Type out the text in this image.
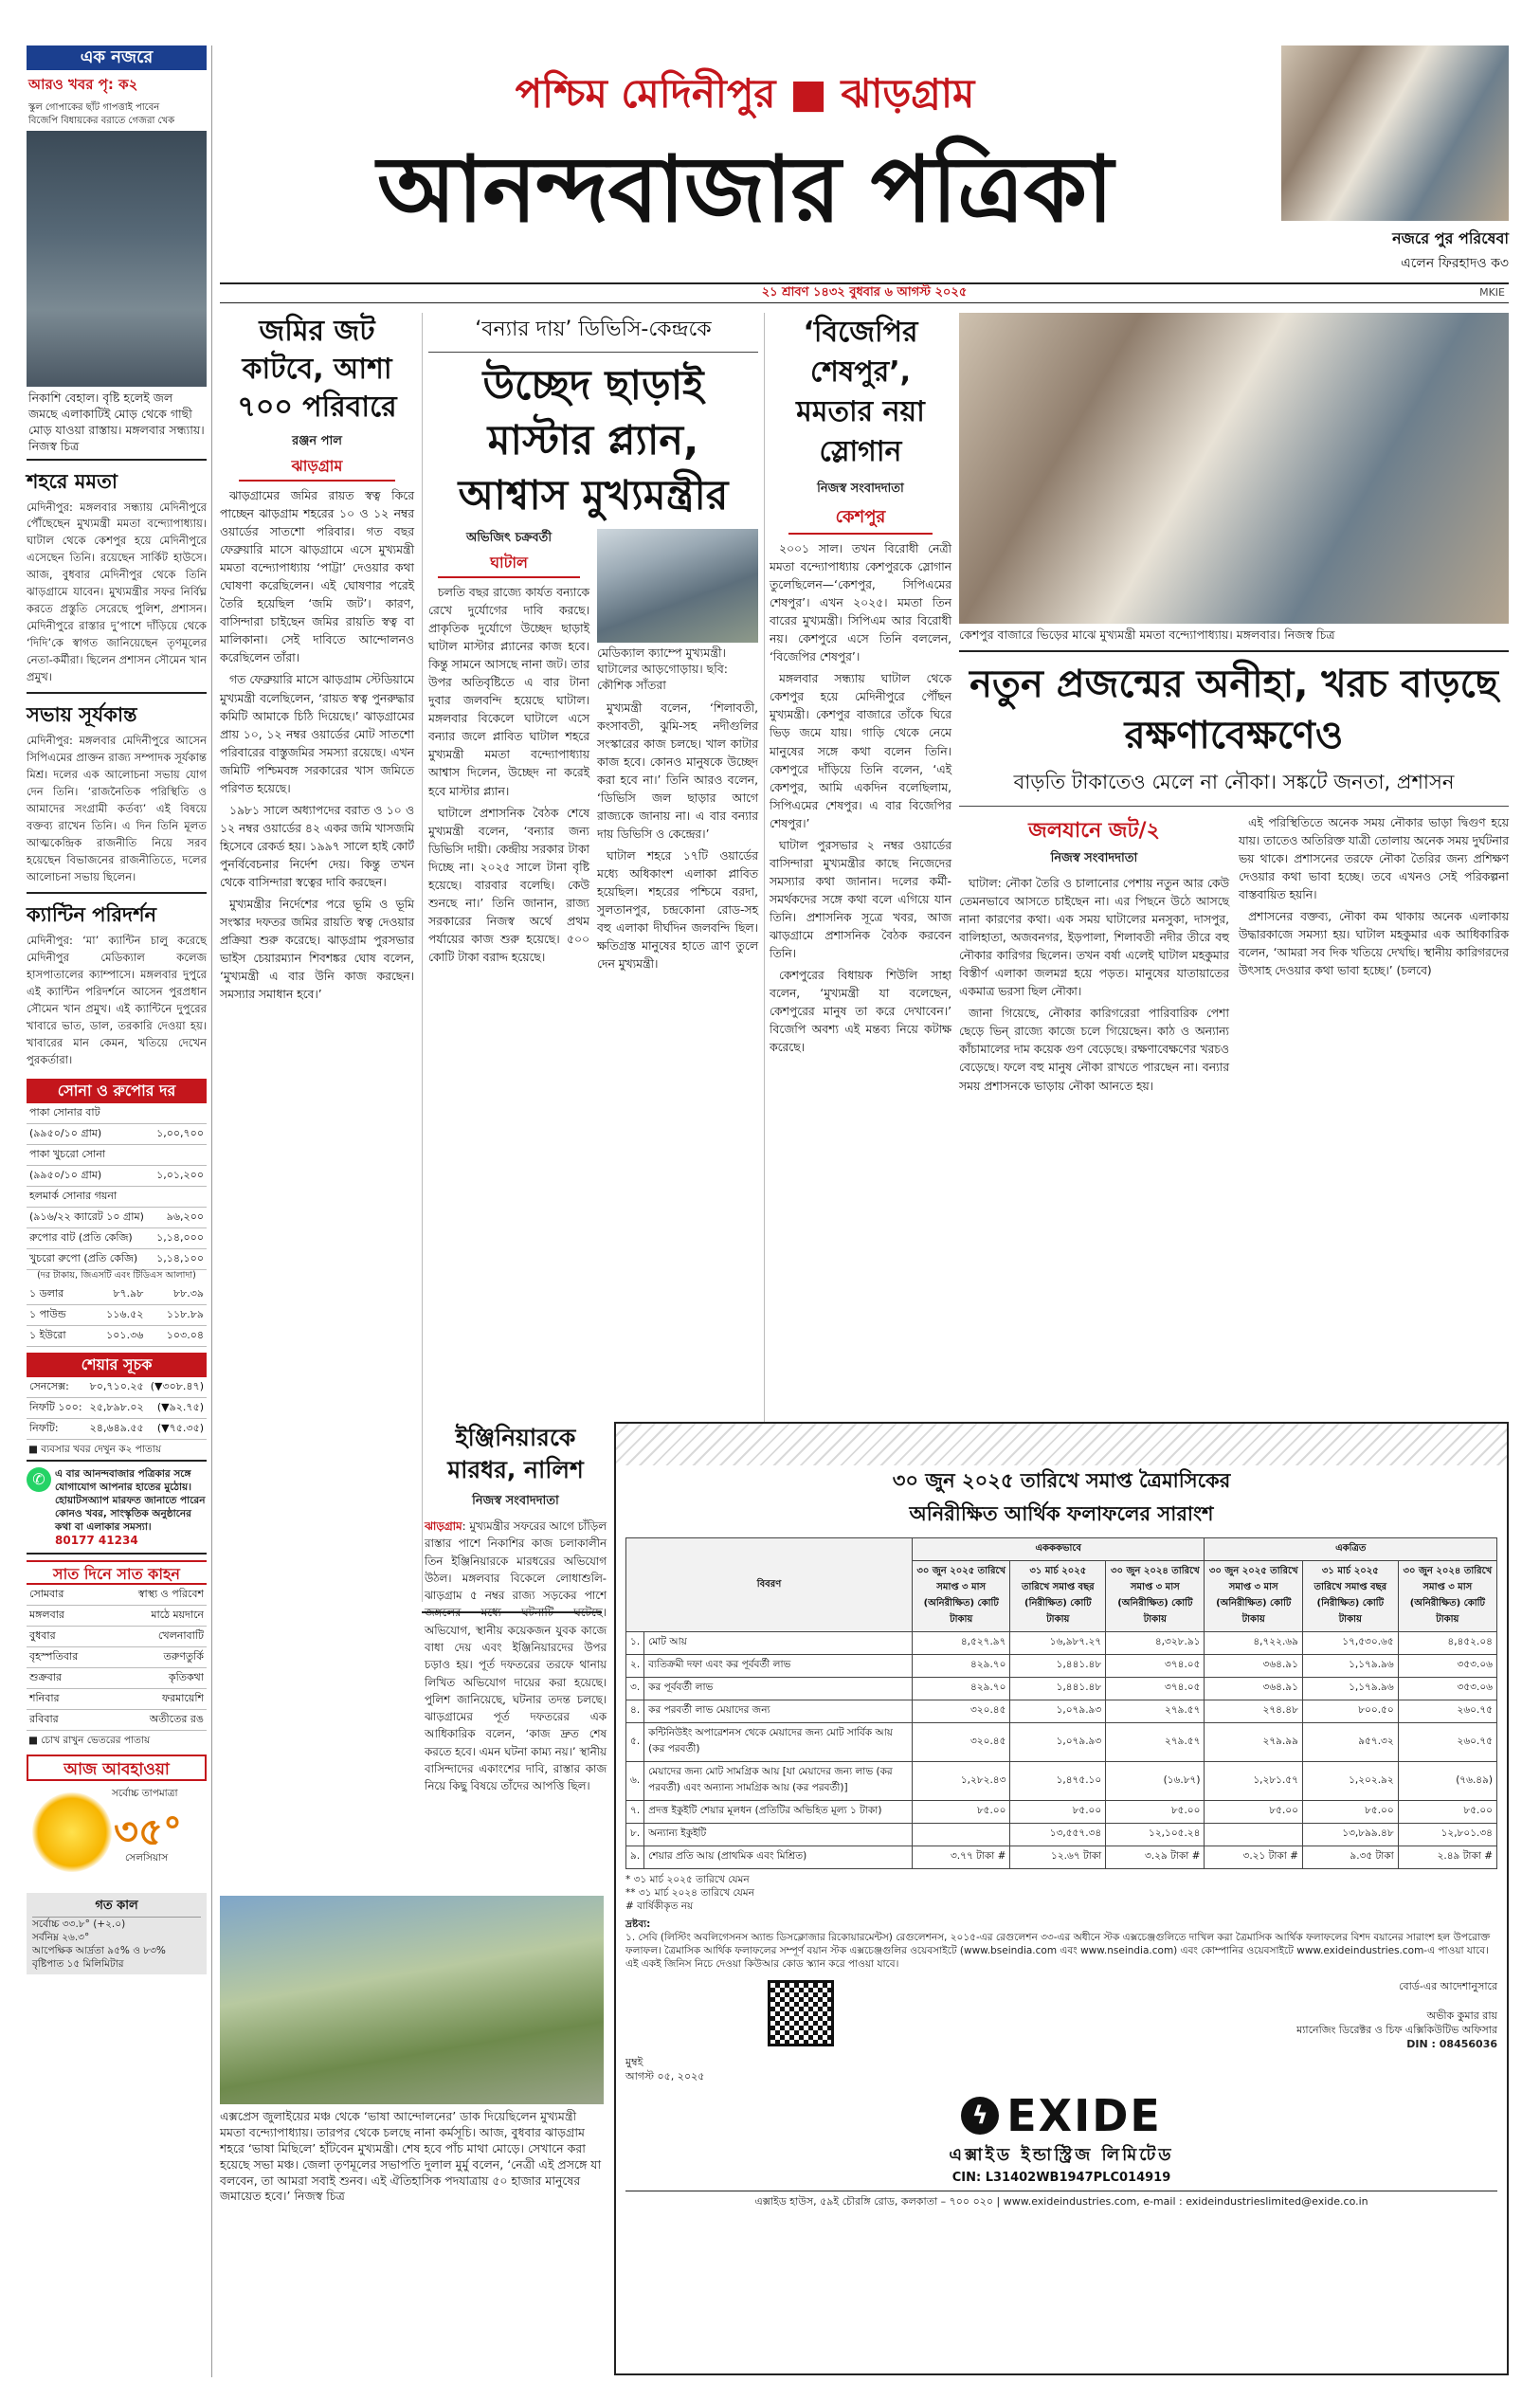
এক নজরে
আরও খবর পৃ: ক২
স্কুল গোপাকের ছাঁট গাপত্তাই পাবেন
বিজেপি বিধায়কের বরাতে গেজরা খেক
নিকাশি বেহাল। বৃষ্টি হলেই জল জমছে এলাকাটিই মোড় থেকে গাছী মোড় যাওয়া রাস্তায়। মঙ্গলবার সন্ধ্যায়। নিজস্ব চিত্র
শহরে মমতা
মেদিনীপুর: মঙ্গলবার সন্ধ্যায় মেদিনীপুরে পৌঁছেছেন মুখ্যমন্ত্রী মমতা বন্দ্যোপাধ্যায়। ঘাটাল থেকে কেশপুর হয়ে মেদিনীপুরে এসেছেন তিনি। রয়েছেন সার্কিট হাউসে। আজ, বুধবার মেদিনীপুর থেকে তিনি ঝাড়গ্রামে যাবেন। মুখ্যমন্ত্রীর সফর নির্বিঘ্ন করতে প্রস্তুতি সেরেছে পুলিশ, প্রশাসন। মেদিনীপুরে রাস্তার দু’পাশে দাঁড়িয়ে থেকে ‘দিদি’কে স্বাগত জানিয়েছেন তৃণমূলের নেতা-কর্মীরা। ছিলেন প্রশাসন সৌমেন খান প্রমুখ।
সভায় সূর্যকান্ত
মেদিনীপুর: মঙ্গলবার মেদিনীপুরে আসেন সিপিএমের প্রাক্তন রাজ্য সম্পাদক সূর্যকান্ত মিশ্র। দলের এক আলোচনা সভায় যোগ দেন তিনি। ‘রাজনৈতিক পরিস্থিতি ও আমাদের সংগ্রামী কর্তব্য’ এই বিষয়ে বক্তব্য রাখেন তিনি। এ দিন তিনি মূলত আত্মকেন্দ্রিক রাজনীতি নিয়ে সরব হয়েছেন বিভাজনের রাজনীতিতে, দলের আলোচনা সভায় ছিলেন।
ক্যান্টিন পরিদর্শন
মেদিনীপুর: ‘মা’ ক্যান্টিন চালু করেছে মেদিনীপুর মেডিক্যাল কলেজ হাসপাতালের ক্যাম্পাসে। মঙ্গলবার দুপুরে এই ক্যান্টিন পরিদর্শনে আসেন পুরপ্রধান সৌমেন খান প্রমুখ। এই ক্যান্টিনে দুপুরের খাবারে ভাত, ডাল, তরকারি দেওয়া হয়। খাবারের মান কেমন, খতিয়ে দেখেন পুরকর্তারা।
সোনা ও রুপোর দর
পাকা সোনার বাট	
(৯৯৫০/১০ গ্রাম)	১,০০,৭০০
পাকা খুচরো সোনা	
(৯৯৫০/১০ গ্রাম)	১,০১,২০০
হলমার্ক সোনার গয়না	
(৯১৬/২২ ক্যারেট ১০ গ্রাম)	৯৬,২০০
রুপোর বাট (প্রতি কেজি)	১,১৪,০০০
খুচরো রুপো (প্রতি কেজি)	১,১৪,১০০
(দর টাকায়, জিএসটি এবং টিডিএস আলাদা)
১ ডলার	৮৭.৯৮	৮৮.৩৯
১ পাউন্ড	১১৬.৫২	১১৮.৮৯
১ ইউরো	১০১.৩৬	১০৩.০৪
শেয়ার সূচক
সেনসেক্স:	৮০,৭১০.২৫	(▼৩০৮.৪৭)
নিফ‌টি ১০০:	২৫,৮৯৮.০২	(▼৯২.৭৫)
নিফ‌টি:	২৪,৬৪৯.৫৫	(▼৭৫.৩৫)
■ ব্যবসার খবর দেখুন ক২ পাতায়
✆ এ বার আনন্দবাজার পত্রিকার সঙ্গে যোগাযোগ আপনার হাতের মুঠোয়। হোয়াটসঅ্যাপ মারফত জানাতে পারেন কোনও খবর, সাংস্কৃতিক অনুষ্ঠানের কথা বা এলাকার সমস্যা।
80177 41234
সাত দিনে সাত কাহন
সোমবার	স্বাস্থ্য ও পরিবেশ
মঙ্গলবার	মাঠে ময়দানে
বুধবার	খেলনাবাটি
বৃহস্পতিবার	তরুণতুর্কি
শুক্রবার	কৃতিকথা
শনিবার	ফরমায়েশি
রবিবার	অতীতের রঙ
■ চোখ রাখুন ভেতরের পাতায়
আজ আবহাওয়া
সর্বোচ্চ তাপমাত্রা
৩৫°
সেলসিয়াস
গত কাল
সর্বোচ্চ ৩৩.৮° (+২.০)
সর্বনিম্ন ২৬.৩°
আপেক্ষিক আর্দ্রতা ৯৫% ও ৮৩%
বৃষ্টিপাত ১৫ মিলিমিটার
পশ্চিম মেদিনীপুর ■ ঝাড়গ্রাম
আনন্দবাজার পত্রিকা
২১ শ্রাবণ ১৪৩২ বুধবার ৬ আগস্ট ২০২৫	MKIE
নজরে পুর পরিষেবা
এলেন ফিরহাদও ক৩
জমির জট কাটবে, আশা ৭০০ পরিবারে
রঞ্জন পাল
ঝাড়গ্রাম

ঝাড়গ্রামের জমির রায়ত স্বত্ব কিরে পাচ্ছেন ঝাড়গ্রাম শহরের ১০ ও ১২ নম্বর ওয়ার্ডের সাতশো পরিবার। গত বছর ফেব্রুয়ারি মাসে ঝাড়গ্রামে এসে মুখ্যমন্ত্রী মমতা বন্দ্যোপাধ্যায় ‘পাট্টা’ দেওয়ার কথা ঘোষণা করেছিলেন। এই ঘোষণার পরেই তৈরি হয়েছিল ‘জমি জট’। কারণ, বাসিন্দারা চাইছেন জমির রায়তি স্বত্ব বা মালিকানা। সেই দাবিতে আন্দোলনও করেছিলেন তাঁরা।

গত ফেব্রুয়ারি মাসে ঝাড়গ্রাম স্টেডিয়ামে মুখ্যমন্ত্রী বলেছিলেন, ‘রায়ত স্বত্ব পুনরুদ্ধার কমিটি আমাকে চিঠি দিয়েছে।’ ঝাড়গ্রামের প্রায় ১০, ১২ নম্বর ওয়ার্ডের মোট সাতশো পরিবারের বাস্তুজমির সমস্যা রয়েছে। এখন জমিটি পশ্চিমবঙ্গ সরকারের খাস জমিতে পরিণত হয়েছে।

১৯৮১ সালে অধ্যাপদের বরাত ও ১০ ও ১২ নম্বর ওয়ার্ডের ৪২ একর জমি খাসজমি হিসেবে রেকর্ড হয়। ১৯৯৭ সালে হাই কোর্ট পুনর্বিবেচনার নির্দেশ দেয়। কিন্তু তখন থেকে বাসিন্দারা স্বত্বের দাবি করছেন।

মুখ্যমন্ত্রীর নির্দেশের পরে ভূমি ও ভূমি সংস্কার দফতর জমির রায়তি স্বত্ব দেওয়ার প্রক্রিয়া শুরু করেছে। ঝাড়গ্রাম পুরসভার ভাইস চেয়ারম্যান শিবশঙ্কর ঘোষ বলেন, ‘মুখ্যমন্ত্রী এ বার উনি কাজ করছেন। সমস্যার সমাধান হবে।’

‘বন্যার দায়’ ডিভিসি-কেন্দ্রকে
উচ্ছেদ ছাড়াই মাস্টার প্ল্যান, আশ্বাস মুখ্যমন্ত্রীর
অভিজিৎ চক্রবর্তী
ঘাটাল

চলতি বছর রাজ্যে কার্যত বন্যাকে রেখে দুর্যোগের দাবি করছে। প্রাকৃতিক দুর্যোগে উচ্ছেদ ছাড়াই ঘাটাল মাস্টার প্ল্যানের কাজ হবে। কিন্তু সামনে আসছে নানা জট। তার উপর অতিবৃষ্টিতে এ বার টানা দুবার জলবন্দি হয়েছে ঘাটাল। মঙ্গলবার বিকেলে ঘাটালে এসে বন্যার জলে প্লাবিত ঘাটাল শহরে মুখ্যমন্ত্রী মমতা বন্দ্যোপাধ্যায় আশ্বাস দিলেন, উচ্ছেদ না করেই হবে মাস্টার প্ল্যান।

ঘাটালে প্রশাসনিক বৈঠক শেষে মুখ্যমন্ত্রী বলেন, ‘বন্যার জন্য ডিভিসি দায়ী। কেন্দ্রীয় সরকার টাকা দিচ্ছে না। ২০২৫ সালে টানা বৃষ্টি হয়েছে। বারবার বলেছি। কেউ শুনছে না।’ তিনি জানান, রাজ্য সরকারের নিজস্ব অর্থে প্রথম পর্যায়ের কাজ শুরু হয়েছে। ৫০০ কোটি টাকা বরাদ্দ হয়েছে।

মেডিক্যাল ক্যাম্পে মুখ্যমন্ত্রী। ঘাটালের আড়গোড়ায়। ছবি: কৌশিক সাঁতরা

মুখ্যমন্ত্রী বলেন, ‘শিলাবতী, কংসাবতী, ঝুমি-সহ নদীগুলির সংস্কারের কাজ চলছে। খাল কাটার কাজ হবে। কোনও মানুষকে উচ্ছেদ করা হবে না।’ তিনি আরও বলেন, ‘ডিভিসি জল ছাড়ার আগে রাজ্যকে জানায় না। এ বার বন্যার দায় ডিভিসি ও কেন্দ্রের।’

ঘাটাল শহরে ১৭টি ওয়ার্ডের মধ্যে অধিকাংশ এলাকা প্লাবিত হয়েছিল। শহরের পশ্চিমে বরদা, সুলতানপুর, চন্দ্রকোনা রোড-সহ বহু এলাকা দীর্ঘদিন জলবন্দি ছিল। ক্ষতিগ্রস্ত মানুষের হাতে ত্রাণ তুলে দেন মুখ্যমন্ত্রী।

‘বিজেপির শেষপুর’, মমতার নয়া স্লোগান
নিজস্ব সংবাদদাতা
কেশপুর

২০০১ সাল। তখন বিরোধী নেত্রী মমতা বন্দ্যোপাধ্যায় কেশপুরকে স্লোগান তুলেছিলেন—‘কেশপুর, সিপিএমের শেষপুর’। এখন ২০২৫। মমতা তিন বারের মুখ্যমন্ত্রী। সিপিএম আর বিরোধী নয়। কেশপুরে এসে তিনি বললেন, ‘বিজেপির শেষপুর’।

মঙ্গলবার সন্ধ্যায় ঘাটাল থেকে কেশপুর হয়ে মেদিনীপুরে পৌঁছন মুখ্যমন্ত্রী। কেশপুর বাজারে তাঁকে ঘিরে ভিড় জমে যায়। গাড়ি থেকে নেমে মানুষের সঙ্গে কথা বলেন তিনি। কেশপুরে দাঁড়িয়ে তিনি বলেন, ‘এই কেশপুর, আমি একদিন বলেছিলাম, সিপিএমের শেষপুর। এ বার বিজেপির শেষপুর।’

ঘাটাল পুরসভার ২ নম্বর ওয়ার্ডের বাসিন্দারা মুখ্যমন্ত্রীর কাছে নিজেদের সমস্যার কথা জানান। দলের কর্মী-সমর্থকদের সঙ্গে কথা বলে এগিয়ে যান তিনি। প্রশাসনিক সূত্রে খবর, আজ ঝাড়গ্রামে প্রশাসনিক বৈঠক করবেন তিনি।

কেশপুরের বিধায়ক শিউলি সাহা বলেন, ‘মুখ্যমন্ত্রী যা বলেছেন, কেশপুরের মানুষ তা করে দেখাবেন।’ বিজেপি অবশ্য এই মন্তব্য নিয়ে কটাক্ষ করেছে।

কেশপুর বাজারে ভিড়ের মাঝে মুখ্যমন্ত্রী মমতা বন্দ্যোপাধ্যায়। মঙ্গলবার। নিজস্ব চিত্র
নতুন প্রজন্মের অনীহা, খরচ বাড়ছে রক্ষণাবেক্ষণেও
বাড়তি টাকাতেও মেলে না নৌকা। সঙ্কটে জনতা, প্রশাসন
জলযানে জট/২
নিজস্ব সংবাদদাতা

ঘাটাল: নৌকা তৈরি ও চালানোর পেশায় নতুন আর কেউ তেমনভাবে আসতে চাইছেন না। এর পিছনে উঠে আসছে নানা কারণের কথা। এক সময় ঘাটালের মনসুকা, দাসপুর, বালিহাতা, অজবনগর, ইড়পালা, শিলাবতী নদীর তীরে বহু নৌকার কারিগর ছিলেন। তখন বর্ষা এলেই ঘাটাল মহকুমার বিস্তীর্ণ এলাকা জলমগ্ন হয়ে পড়ত। মানুষের যাতায়াতের একমাত্র ভরসা ছিল নৌকা।

জানা গিয়েছে, নৌকার কারিগরেরা পারিবারিক পেশা ছেড়ে ভিন্ রাজ্যে কাজে চলে গিয়েছেন। কাঠ ও অন্যান্য কাঁচামালের দাম কয়েক গুণ বেড়েছে। রক্ষণাবেক্ষণের খরচও বেড়েছে। ফলে বহু মানুষ নৌকা রাখতে পারছেন না। বন্যার সময় প্রশাসনকে ভাড়ায় নৌকা আনতে হয়।

এই পরিস্থিতিতে অনেক সময় নৌকার ভাড়া দ্বিগুণ হয়ে যায়। তাতেও অতিরিক্ত যাত্রী তোলায় অনেক সময় দুর্ঘটনার ভয় থাকে। প্রশাসনের তরফে নৌকা তৈরির জন্য প্রশিক্ষণ দেওয়ার কথা ভাবা হচ্ছে। তবে এখনও সেই পরিকল্পনা বাস্তবায়িত হয়নি।

প্রশাসনের বক্তব্য, নৌকা কম থাকায় অনেক এলাকায় উদ্ধারকাজে সমস্যা হয়। ঘাটাল মহকুমার এক আধিকারিক বলেন, ‘আমরা সব দিক খতিয়ে দেখছি। স্থানীয় কারিগরদের উৎসাহ দেওয়ার কথা ভাবা হচ্ছে।’ (চলবে)

ইঞ্জিনিয়ারকে মারধর, নালিশ
নিজস্ব সংবাদদাতা
ঝাড়গ্রাম: মুখ্যমন্ত্রীর সফরের আগে চাঁড়িল রাস্তার পাশে নিকাশির কাজ চলাকালীন তিন ইঞ্জিনিয়ারকে মারধরের অভিযোগ উঠল। মঙ্গলবার বিকেলে লোধাশুলি-ঝাড়গ্রাম ৫ নম্বর রাজ্য সড়কের পাশে জঙ্গলের মধ্যে ঘটনাটি ঘটেছে। অভিযোগ, স্থানীয় কয়েকজন যুবক কাজে বাধা দেয় এবং ইঞ্জিনিয়ারদের উপর চড়াও হয়। পূর্ত দফতরের তরফে থানায় লিখিত অভিযোগ দায়ের করা হয়েছে। পুলিশ জানিয়েছে, ঘটনার তদন্ত চলছে। ঝাড়গ্রামের পূর্ত দফতরের এক আধিকারিক বলেন, ‘কাজ দ্রুত শেষ করতে হবে। এমন ঘটনা কাম্য নয়।’ স্থানীয় বাসিন্দাদের একাংশের দাবি, রাস্তার কাজ নিয়ে কিছু বিষয়ে তাঁদের আপত্তি ছিল।
এক্সপ্রেস জুলাইয়ের মঞ্চ থেকে ‘ভাষা আন্দোলনের’ ডাক দিয়েছিলেন মুখ্যমন্ত্রী মমতা বন্দ্যোপাধ্যায়। তারপর থেকে চলছে নানা কর্মসূচি। আজ, বুধবার ঝাড়গ্রাম শহরে ‘ভাষা মিছিলে’ হাঁটবেন মুখ্যমন্ত্রী। শেষ হবে পাঁচ মাথা মোড়ে। সেখানে করা হয়েছে সভা মঞ্চ। জেলা তৃণমূলের সভাপতি দুলাল মুর্মু বলেন, ‘নেত্রী এই প্রসঙ্গে যা বলবেন, তা আমরা সবাই শুনব। এই ঐতিহাসিক পদযাত্রায় ৫০ হাজার মানুষের জমায়েত হবে।’ নিজস্ব চিত্র
৩০ জুন ২০২৫ তারিখে সমাপ্ত ত্রৈমাসিকের
অনিরীক্ষিত আর্থিক ফলাফলের সারাংশ
বিবরণ		একককভাবে			একত্রিত		
		৩০ জুন ২০২৫ তারিখে সমাপ্ত ৩ মাস (অনিরীক্ষিত) কোটি টাকায়	৩১ মার্চ ২০২৫ তারিখে সমাপ্ত বছর (নিরীক্ষিত) কোটি টাকায়	৩০ জুন ২০২৪ তারিখে সমাপ্ত ৩ মাস (অনিরীক্ষিত) কোটি টাকায়	৩০ জুন ২০২৫ তারিখে সমাপ্ত ৩ মাস (অনিরীক্ষিত) কোটি টাকায়	৩১ মার্চ ২০২৫ তারিখে সমাপ্ত বছর (নিরীক্ষিত) কোটি টাকায়	৩০ জুন ২০২৪ তারিখে সমাপ্ত ৩ মাস (অনিরীক্ষিত) কোটি টাকায়
১.	মোট আয়	৪,৫২৭.৯৭	১৬,৯৮৭.২৭	৪,৩২৮.৯১	৪,৭২২.৬৯	১৭,৫৩০.৬৫	৪,৪৫২.০৪
২.	ব্যতিক্রমী দফা এবং কর পূর্ববর্তী লাভ	৪২৯.৭০	১,৪৪১.৪৮	৩৭৪.০৫	৩৬৪.৯১	১,১৭৯.৯৬	৩৫৩.০৬
৩.	কর পূর্ববর্তী লাভ	৪২৯.৭০	১,৪৪১.৪৮	৩৭৪.০৫	৩৬৪.৯১	১,১৭৯.৯৬	৩৫৩.০৬
৪.	কর পরবর্তী লাভ মেয়াদের জন্য	৩২০.৪৫	১,০৭৯.৯৩	২৭৯.৫৭	২৭৪.৪৮	৮০০.৫০	২৬০.৭৫
৫.	কন্টিনিউইং অপারেশনস থেকে মেয়াদের জন্য মোট সার্বিক আয় (কর পরবর্তী)	৩২০.৪৫	১,০৭৯.৯৩	২৭৯.৫৭	২৭৯.৯৯	৯৫৭.৩২	২৬০.৭৫
৬.	মেয়াদের জন্য মোট সামগ্রিক আয় [যা মেয়াদের জন্য লাভ (কর পরবর্তী) এবং অন্যান্য সামগ্রিক আয় (কর পরবর্তী)]	১,২৮২.৪৩	১,৪৭৫.১০	(১৬.৮৭)	১,২৮১.৫৭	১,২০২.৯২	(৭৬.৪৯)
৭.	প্রদত্ত ইকুইটি শেয়ার মূলধন (প্রতিটির অভিহিত মূল্য ১ টাকা)	৮৫.০০	৮৫.০০	৮৫.০০	৮৫.০০	৮৫.০০	৮৫.০০
৮.	অন্যান্য ইকুইটি		১৩,৫৫৭.৩৪	১২,১০৫.২৪		১৩,৮৯৯.৪৮	১২,৮০১.৩৪
৯.	শেয়ার প্রতি আয় (প্রাথমিক এবং মিশ্রিত)	৩.৭৭ টাকা #	১২.৬৭ টাকা	৩.২৯ টাকা #	৩.২১ টাকা #	৯.৩৫ টাকা	২.৪৯ টাকা #
* ৩১ মার্চ ২০২৫ তারিখে যেমন
** ৩১ মার্চ ২০২৪ তারিখে যেমন
# বার্ষিকীকৃত নয়
দ্রষ্টব্য:
১. সেবি (লিস্টিং অবলিগেসনস অ্যান্ড ডিসক্লোজার রিকোয়ারমেন্টস) রেগুলেশনস, ২০১৫-এর রেগুলেশন ৩৩-এর অধীনে স্টক এক্সচেঞ্জগুলিতে দাখিল করা ত্রৈমাসিক আর্থিক ফলাফলের বিশদ বয়ানের সারাংশ হল উপরোক্ত ফলাফল। ত্রৈমাসিক আর্থিক ফলাফলের সম্পূর্ণ বয়ান স্টক এক্সচেঞ্জগুলির ওয়েবসাইটে (www.bseindia.com এবং www.nseindia.com) এবং কোম্পানির ওয়েবসাইটে www.exideindustries.com-এ পাওয়া যাবে। এই একই জিনিস নিচে দেওয়া কিউআর কোড স্ক্যান করে পাওয়া যাবে।
মুম্বই
আগস্ট ০৫, ২০২৫
বোর্ড-এর আদেশানুসারে
অভীক কুমার রায়
ম্যানেজিং ডিরেক্টর ও চিফ এক্সিকিউটিভ অফিসার
DIN : 08456036
ϟ EXIDE
এক্সাইড ইন্ডাস্ট্রিজ লিমিটেড
CIN: L31402WB1947PLC014919
এক্সাইড হাউস, ৫৯ই চৌরঙ্গি রোড, কলকাতা – ৭০০ ০২০ | www.exideindustries.com, e-mail : exideindustrieslimited@exide.co.in
